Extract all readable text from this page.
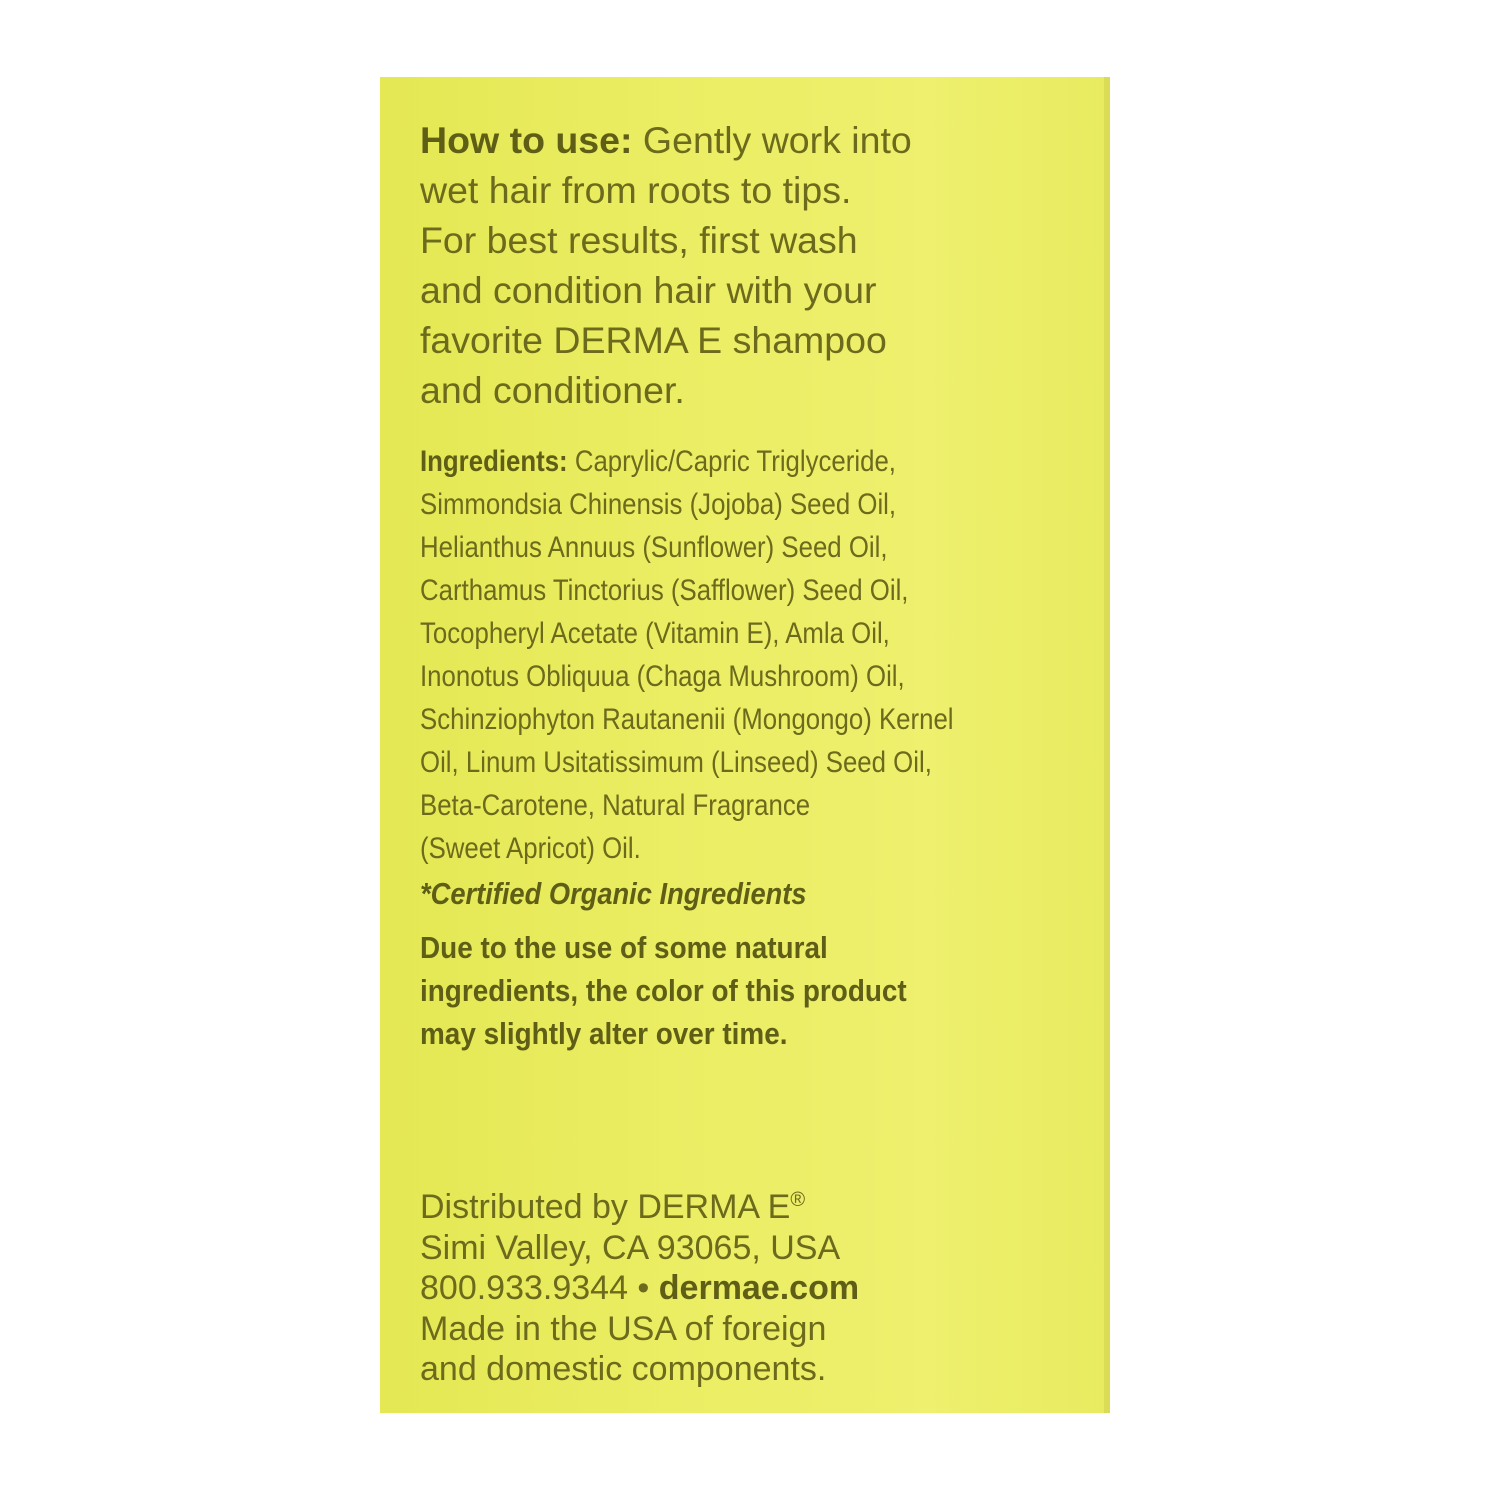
How to use: Gently work into
wet hair from roots to tips.
For best results, first wash
and condition hair with your
favorite DERMA E shampoo
and conditioner.

Ingredients: Caprylic/Capric Triglyceride,
Simmondsia Chinensis (Jojoba) Seed Oil,
Helianthus Annuus (Sunflower) Seed Oil,
Carthamus Tinctorius (Safflower) Seed Oil,
Tocopheryl Acetate (Vitamin E), Amla Oil,
Inonotus Obliquua (Chaga Mushroom) Oil,
Schinziophyton Rautanenii (Mongongo) Kernel
Oil, Linum Usitatissimum (Linseed) Seed Oil,
Beta-Carotene, Natural Fragrance
(Sweet Apricot) Oil.

*Certified Organic Ingredients

Due to the use of some natural
ingredients, the color of this product
may slightly alter over time.

Distributed by DERMA E®
Simi Valley, CA 93065, USA
800.933.9344 • dermae.com
Made in the USA of foreign
and domestic components.
